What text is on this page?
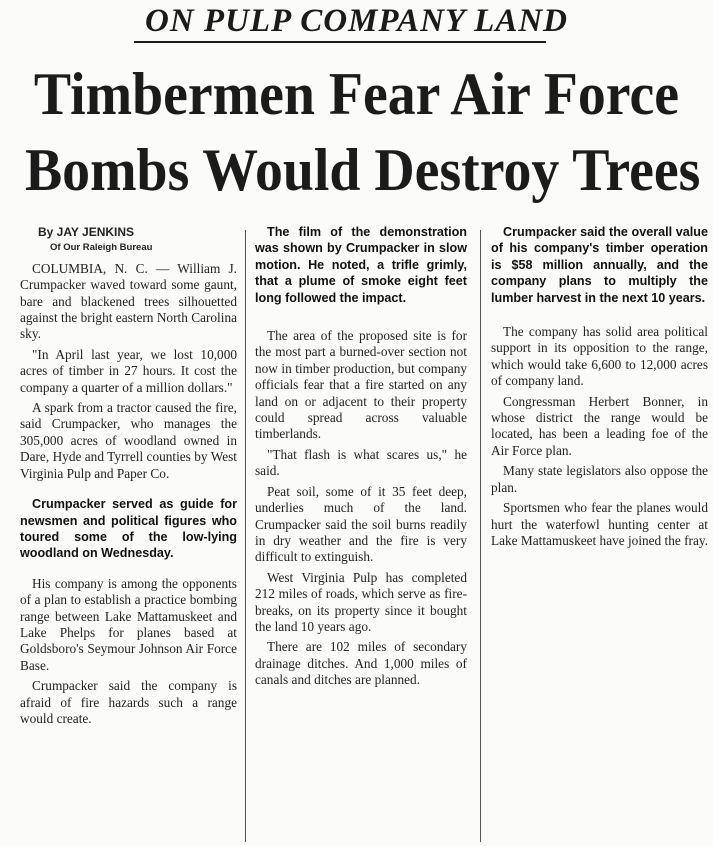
ON PULP COMPANY LAND
Timbermen Fear Air Force
Bombs Would Destroy Trees

By JAY JENKINS

Of Our Raleigh Bureau

COLUMBIA, N. C. — William J. Crumpacker waved toward some gaunt, bare and blackened trees silhouetted against the bright eastern North Carolina sky.

"In April last year, we lost 10,000 acres of timber in 27 hours. It cost the company a quarter of a million dollars."

A spark from a tractor caused the fire, said Crumpacker, who manages the 305,000 acres of woodland owned in Dare, Hyde and Tyrrell counties by West Virginia Pulp and Paper Co.

Crumpacker served as guide for newsmen and political figures who toured some of the low-lying woodland on Wednesday.

His company is among the opponents of a plan to establish a practice bombing range between Lake Mattamuskeet and Lake Phelps for planes based at Goldsboro's Seymour Johnson Air Force Base.

Crumpacker said the company is afraid of fire hazards such a range would create.

The film of the demonstration was shown by Crumpacker in slow motion. He noted, a trifle grimly, that a plume of smoke eight feet long followed the impact.

The area of the proposed site is for the most part a burned-over section not now in timber production, but company officials fear that a fire started on any land on or adjacent to their property could spread across valuable timberlands.

"That flash is what scares us," he said.

Peat soil, some of it 35 feet deep, underlies much of the land. Crumpacker said the soil burns readily in dry weather and the fire is very difficult to extinguish.

West Virginia Pulp has completed 212 miles of roads, which serve as fire-breaks, on its property since it bought the land 10 years ago.

There are 102 miles of secondary drainage ditches. And 1,000 miles of canals and ditches are planned.

Crumpacker said the overall value of his company's timber operation is $58 million annually, and the company plans to multiply the lumber harvest in the next 10 years.

The company has solid area political support in its opposition to the range, which would take 6,600 to 12,000 acres of company land.

Congressman Herbert Bonner, in whose district the range would be located, has been a leading foe of the Air Force plan.

Many state legislators also oppose the plan.

Sportsmen who fear the planes would hurt the waterfowl hunting center at Lake Mattamuskeet have joined the fray.
